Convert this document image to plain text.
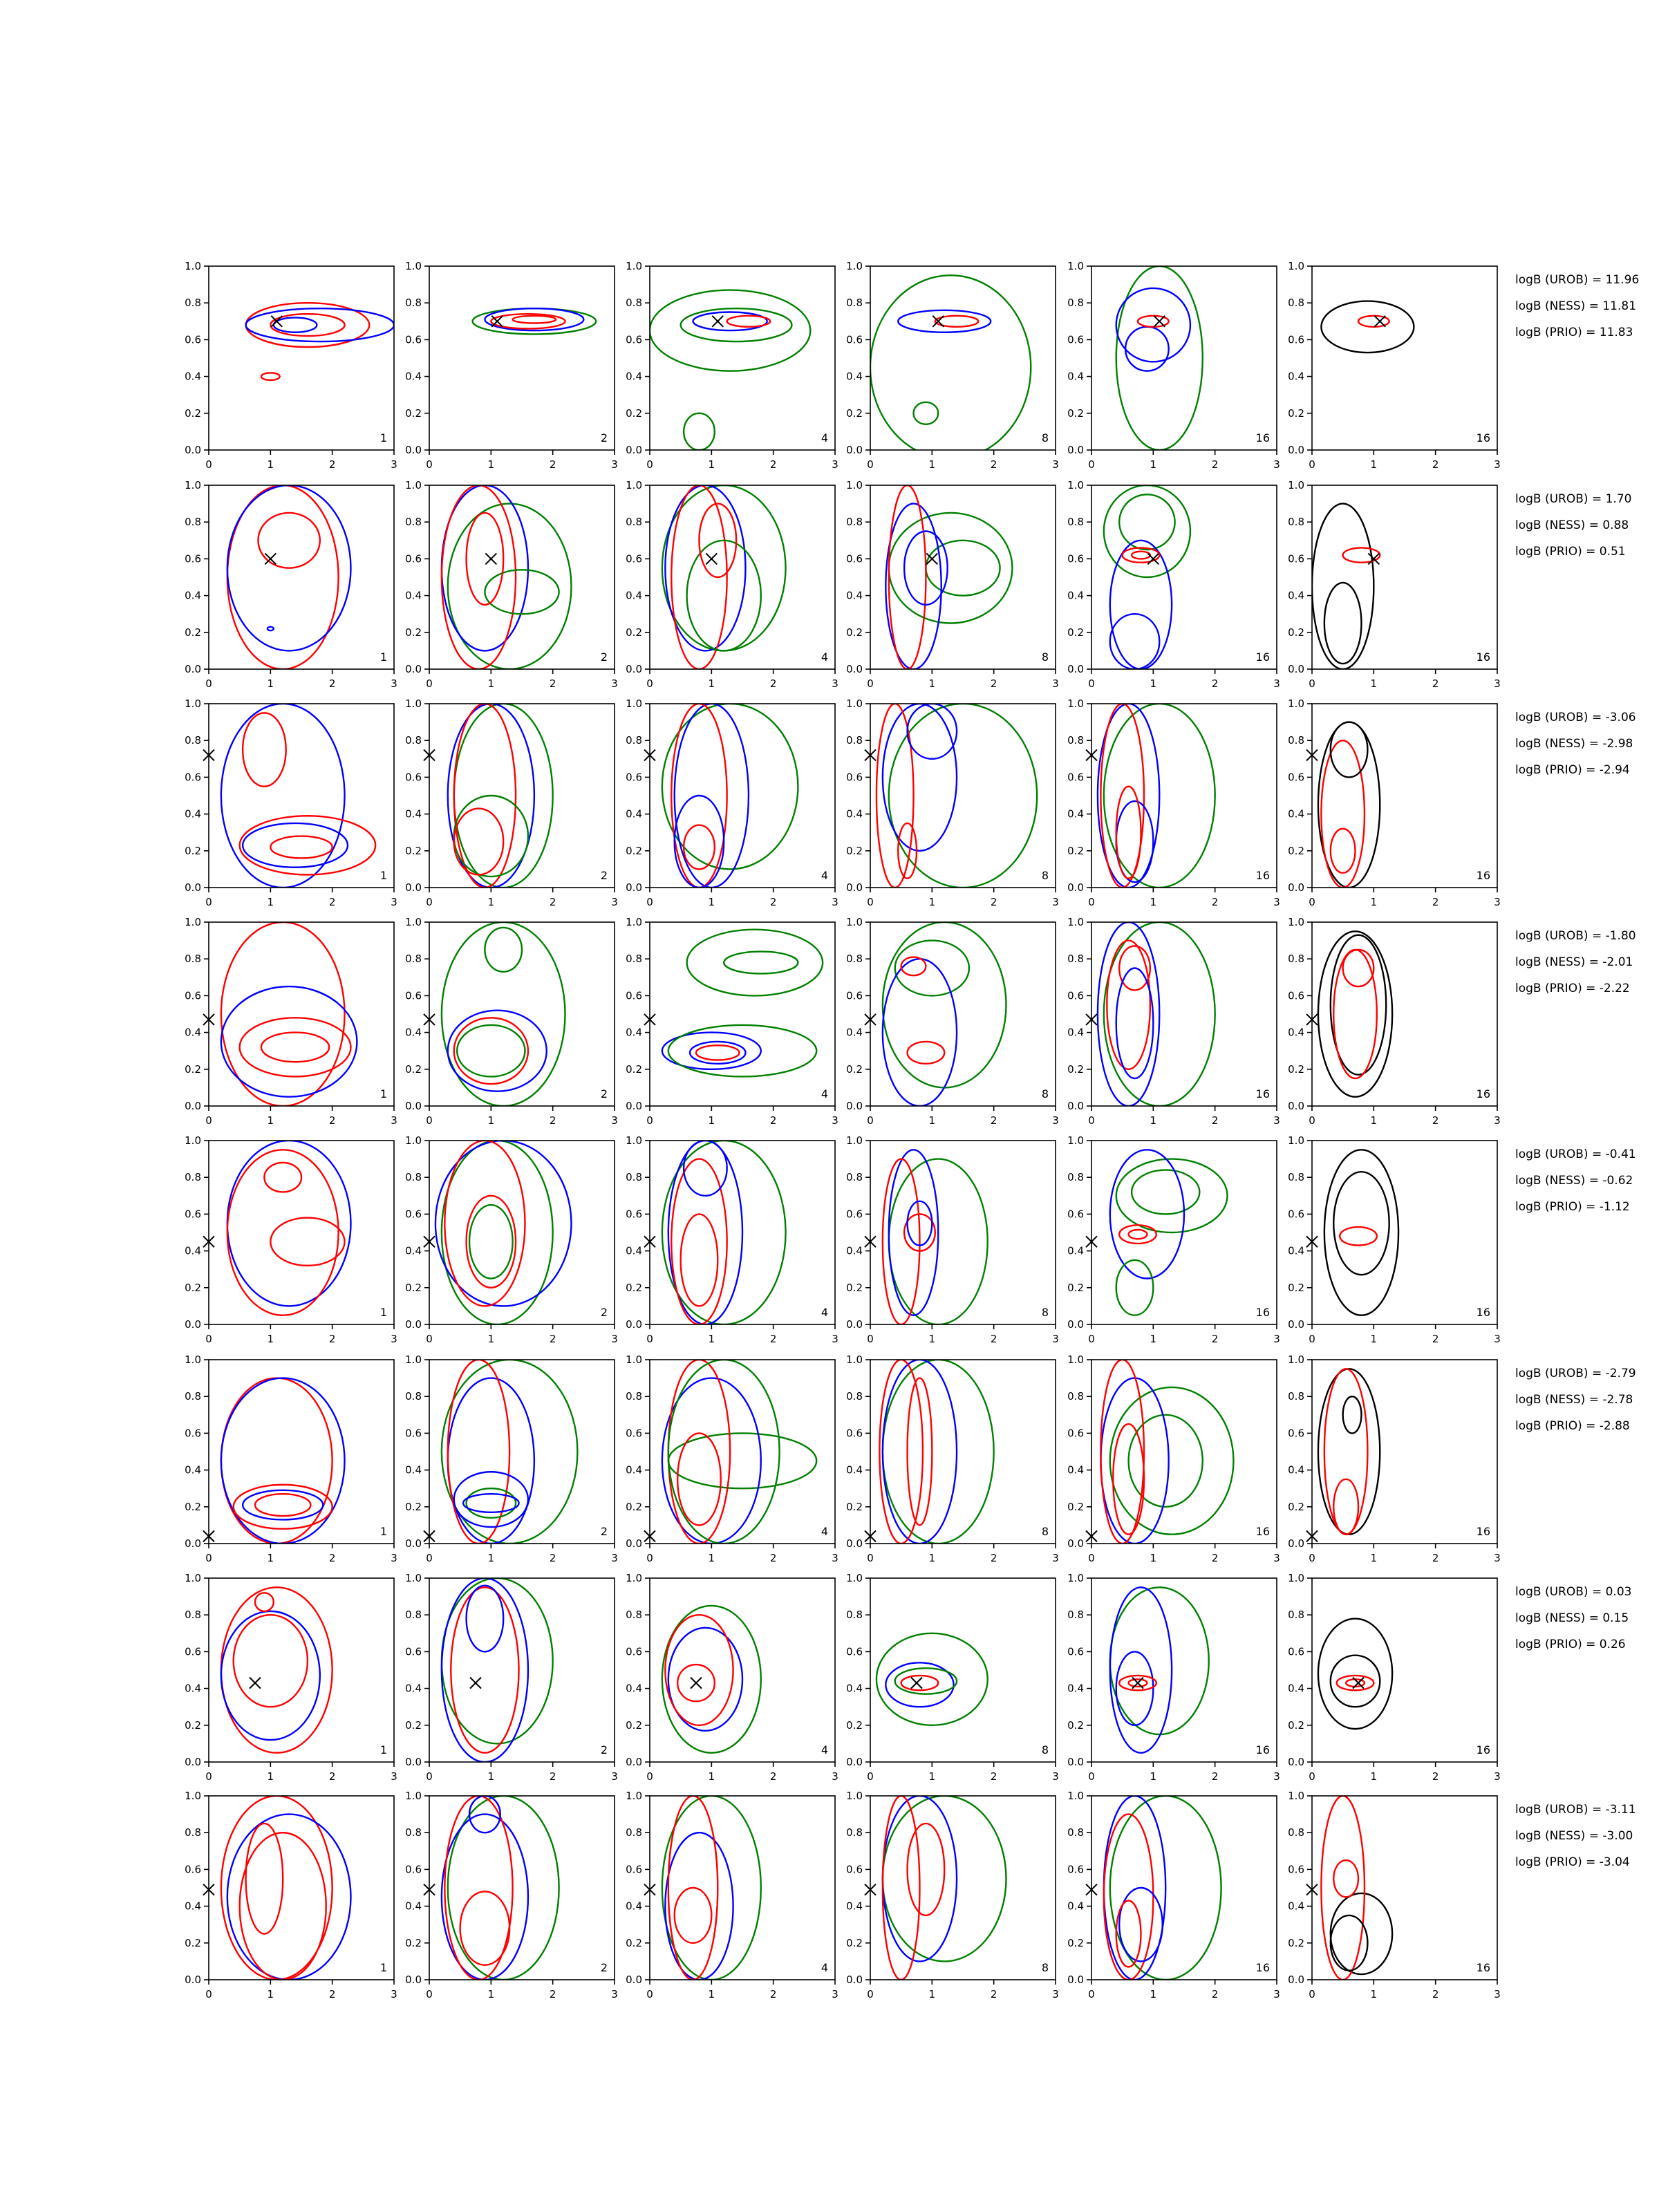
0	1	2	3
0.0
0.2
0.4
0.6
0.8
1.0
1
0	1	2	3
0.0
0.2
0.4
0.6
0.8
1.0
2
0	1	2	3
0.0
0.2
0.4
0.6
0.8
1.0
4
0	1	2	3
0.0
0.2
0.4
0.6
0.8
1.0
8
0	1	2	3
0.0
0.2
0.4
0.6
0.8
1.0
16
0	1	2	3
0.0
0.2
0.4
0.6
0.8
1.0
16
logB (UROB) = 11.96
logB (NESS) = 11.81
logB (PRIO) = 11.83
0	1	2	3
0.0
0.2
0.4
0.6
0.8
1.0
1
0	1	2	3
0.0
0.2
0.4
0.6
0.8
1.0
2
0	1	2	3
0.0
0.2
0.4
0.6
0.8
1.0
4
0	1	2	3
0.0
0.2
0.4
0.6
0.8
1.0
8
0	1	2	3
0.0
0.2
0.4
0.6
0.8
1.0
16
0	1	2	3
0.0
0.2
0.4
0.6
0.8
1.0
16
logB (UROB) = 1.70
logB (NESS) = 0.88
logB (PRIO) = 0.51
0	1	2	3
0.0
0.2
0.4
0.6
0.8
1.0
1
0	1	2	3
0.0
0.2
0.4
0.6
0.8
1.0
2
0	1	2	3
0.0
0.2
0.4
0.6
0.8
1.0
4
0	1	2	3
0.0
0.2
0.4
0.6
0.8
1.0
8
0	1	2	3
0.0
0.2
0.4
0.6
0.8
1.0
16
0	1	2	3
0.0
0.2
0.4
0.6
0.8
1.0
16
logB (UROB) = -3.06
logB (NESS) = -2.98
logB (PRIO) = -2.94
0	1	2	3
0.0
0.2
0.4
0.6
0.8
1.0
1
0	1	2	3
0.0
0.2
0.4
0.6
0.8
1.0
2
0	1	2	3
0.0
0.2
0.4
0.6
0.8
1.0
4
0	1	2	3
0.0
0.2
0.4
0.6
0.8
1.0
8
0	1	2	3
0.0
0.2
0.4
0.6
0.8
1.0
16
0	1	2	3
0.0
0.2
0.4
0.6
0.8
1.0
16
logB (UROB) = -1.80
logB (NESS) = -2.01
logB (PRIO) = -2.22
0	1	2	3
0.0
0.2
0.4
0.6
0.8
1.0
1
0	1	2	3
0.0
0.2
0.4
0.6
0.8
1.0
2
0	1	2	3
0.0
0.2
0.4
0.6
0.8
1.0
4
0	1	2	3
0.0
0.2
0.4
0.6
0.8
1.0
8
0	1	2	3
0.0
0.2
0.4
0.6
0.8
1.0
16
0	1	2	3
0.0
0.2
0.4
0.6
0.8
1.0
16
logB (UROB) = -0.41
logB (NESS) = -0.62
logB (PRIO) = -1.12
0	1	2	3
0.0
0.2
0.4
0.6
0.8
1.0
1
0	1	2	3
0.0
0.2
0.4
0.6
0.8
1.0
2
0	1	2	3
0.0
0.2
0.4
0.6
0.8
1.0
4
0	1	2	3
0.0
0.2
0.4
0.6
0.8
1.0
8
0	1	2	3
0.0
0.2
0.4
0.6
0.8
1.0
16
0	1	2	3
0.0
0.2
0.4
0.6
0.8
1.0
16
logB (UROB) = -2.79
logB (NESS) = -2.78
logB (PRIO) = -2.88
0	1	2	3
0.0
0.2
0.4
0.6
0.8
1.0
1
0	1	2	3
0.0
0.2
0.4
0.6
0.8
1.0
2
0	1	2	3
0.0
0.2
0.4
0.6
0.8
1.0
4
0	1	2	3
0.0
0.2
0.4
0.6
0.8
1.0
8
0	1	2	3
0.0
0.2
0.4
0.6
0.8
1.0
16
0	1	2	3
0.0
0.2
0.4
0.6
0.8
1.0
16
logB (UROB) = 0.03
logB (NESS) = 0.15
logB (PRIO) = 0.26
0	1	2	3
0.0
0.2
0.4
0.6
0.8
1.0
1
0	1	2	3
0.0
0.2
0.4
0.6
0.8
1.0
2
0	1	2	3
0.0
0.2
0.4
0.6
0.8
1.0
4
0	1	2	3
0.0
0.2
0.4
0.6
0.8
1.0
8
0	1	2	3
0.0
0.2
0.4
0.6
0.8
1.0
16
0	1	2	3
0.0
0.2
0.4
0.6
0.8
1.0
16
logB (UROB) = -3.11
logB (NESS) = -3.00
logB (PRIO) = -3.04
